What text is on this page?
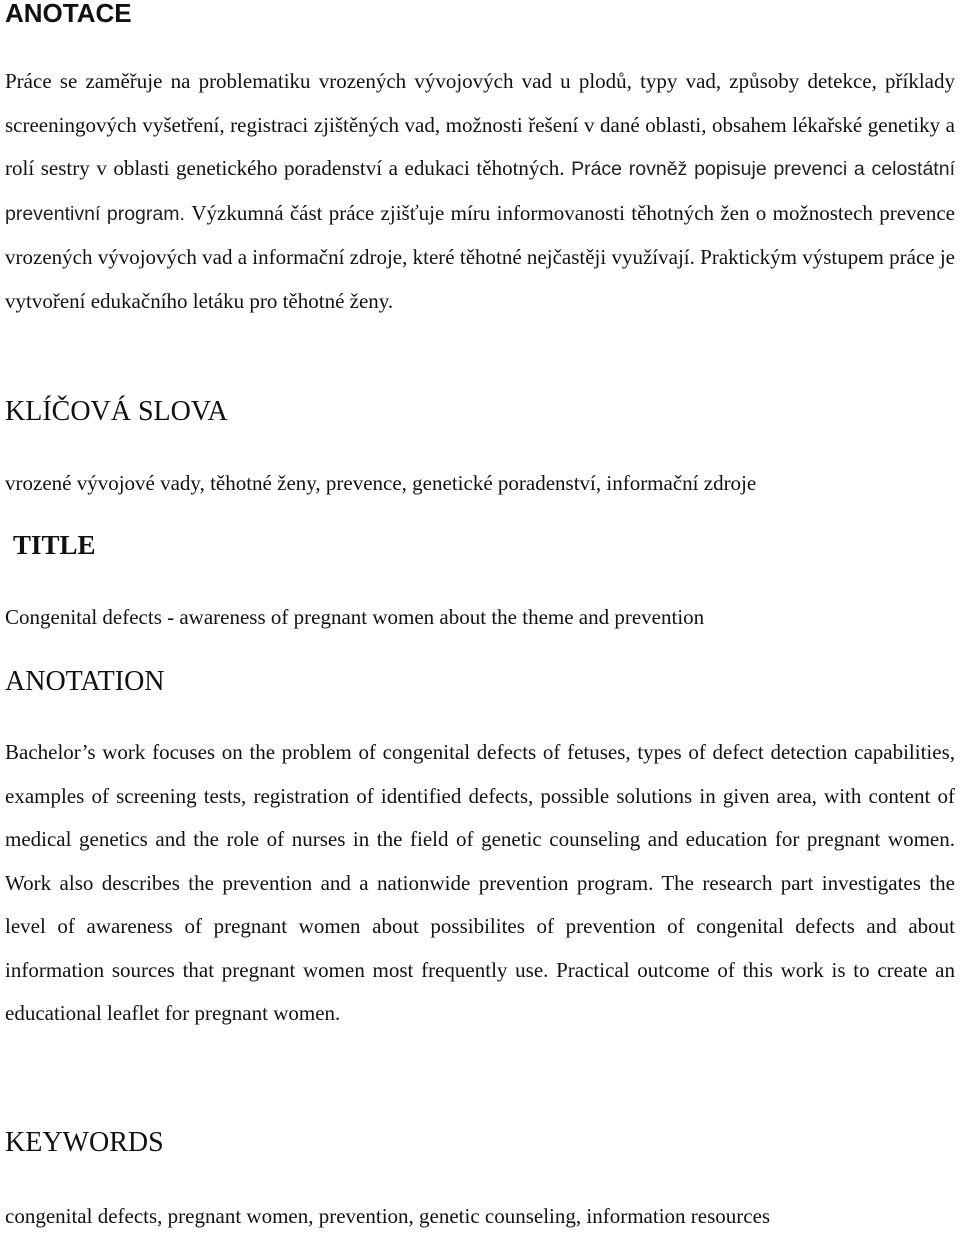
ANOTACE

Práce se zaměřuje na problematiku vrozených vývojových vad u plodů, typy vad, způsoby detekce, příklady screeningových vyšetření, registraci zjištěných vad, možnosti řešení v dané oblasti, obsahem lékařské genetiky a rolí sestry v oblasti genetického poradenství a edukaci těhotných. Práce rovněž popisuje prevenci a celostátní preventivní program. Výzkumná část práce zjišťuje míru informovanosti těhotných žen o možnostech prevence vrozených vývojových vad a informační zdroje, které těhotné nejčastěji využívají. Praktickým výstupem práce je vytvoření edukačního letáku pro těhotné ženy.

KLÍČOVÁ SLOVA

vrozené vývojové vady, těhotné ženy, prevence, genetické poradenství, informační zdroje

TITLE

Congenital defects - awareness of pregnant women about the theme and prevention

ANOTATION

Bachelor’s work focuses on the problem of congenital defects of fetuses, types of defect detection capabilities, examples of screening tests, registration of identified defects, possible solutions in given area, with content of medical genetics and the role of nurses in the field of genetic counseling and education for pregnant women. Work also describes the prevention and a nationwide prevention program. The research part investigates the level of awareness of pregnant women about possibilites of prevention of congenital defects and about information sources that pregnant women most frequently use. Practical outcome of this work is to create an educational leaflet for pregnant women.

KEYWORDS

congenital defects, pregnant women, prevention, genetic counseling, information resources
